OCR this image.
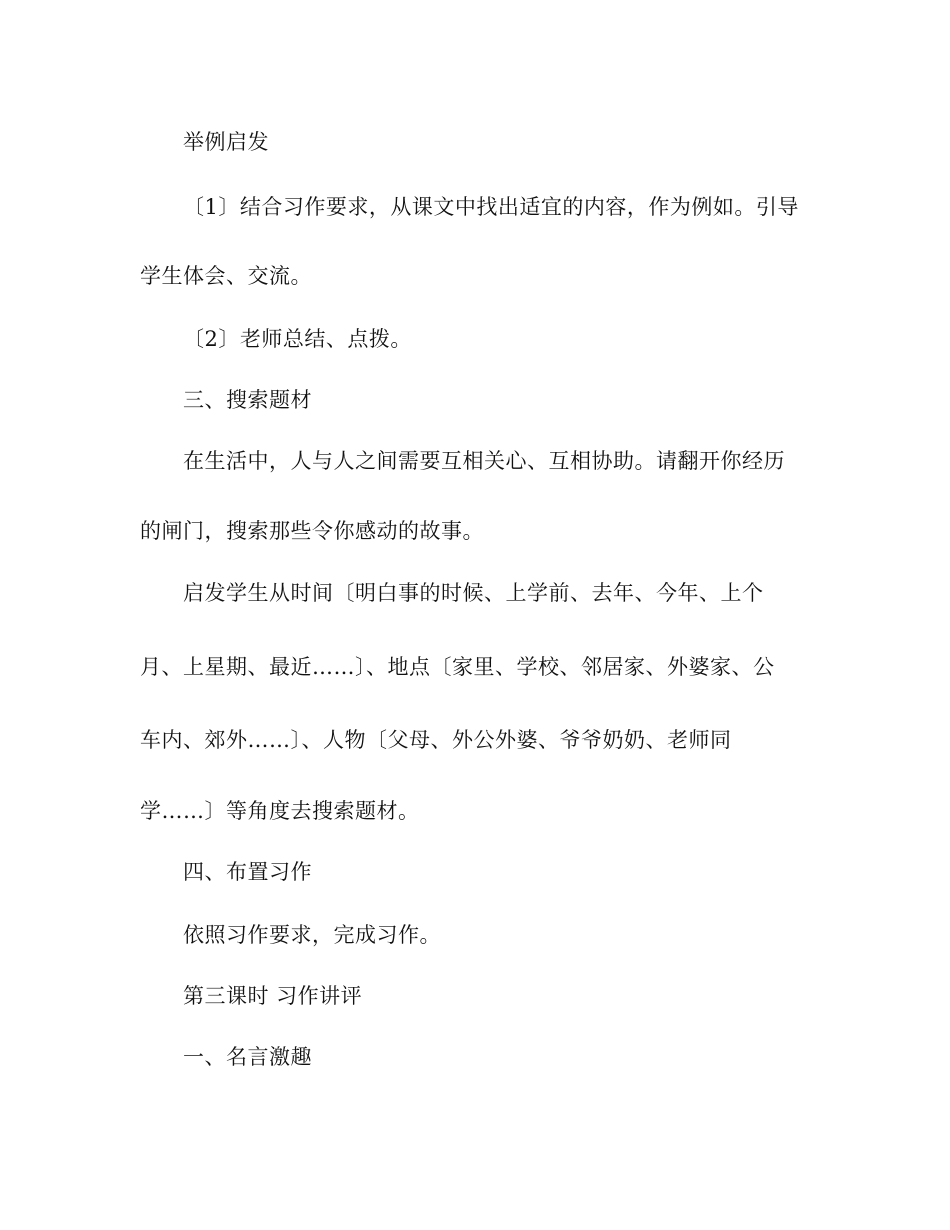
举例启发
〔1〕结合习作要求，从课文中找出适宜的内容，作为例如。引导
学生体会、交流。
〔2〕老师总结、点拨。
三、搜索题材
在生活中，人与人之间需要互相关心、互相协助。请翻开你经历
的闸门，搜索那些令你感动的故事。
启发学生从时间〔明白事的时候、上学前、去年、今年、上个
月、上星期、最近……〕、地点〔家里、学校、邻居家、外婆家、公
车内、郊外……〕、人物〔父母、外公外婆、爷爷奶奶、老师同
学……〕等角度去搜索题材。
四、布置习作
依照习作要求，完成习作。
第三课时 习作讲评
一、名言激趣
